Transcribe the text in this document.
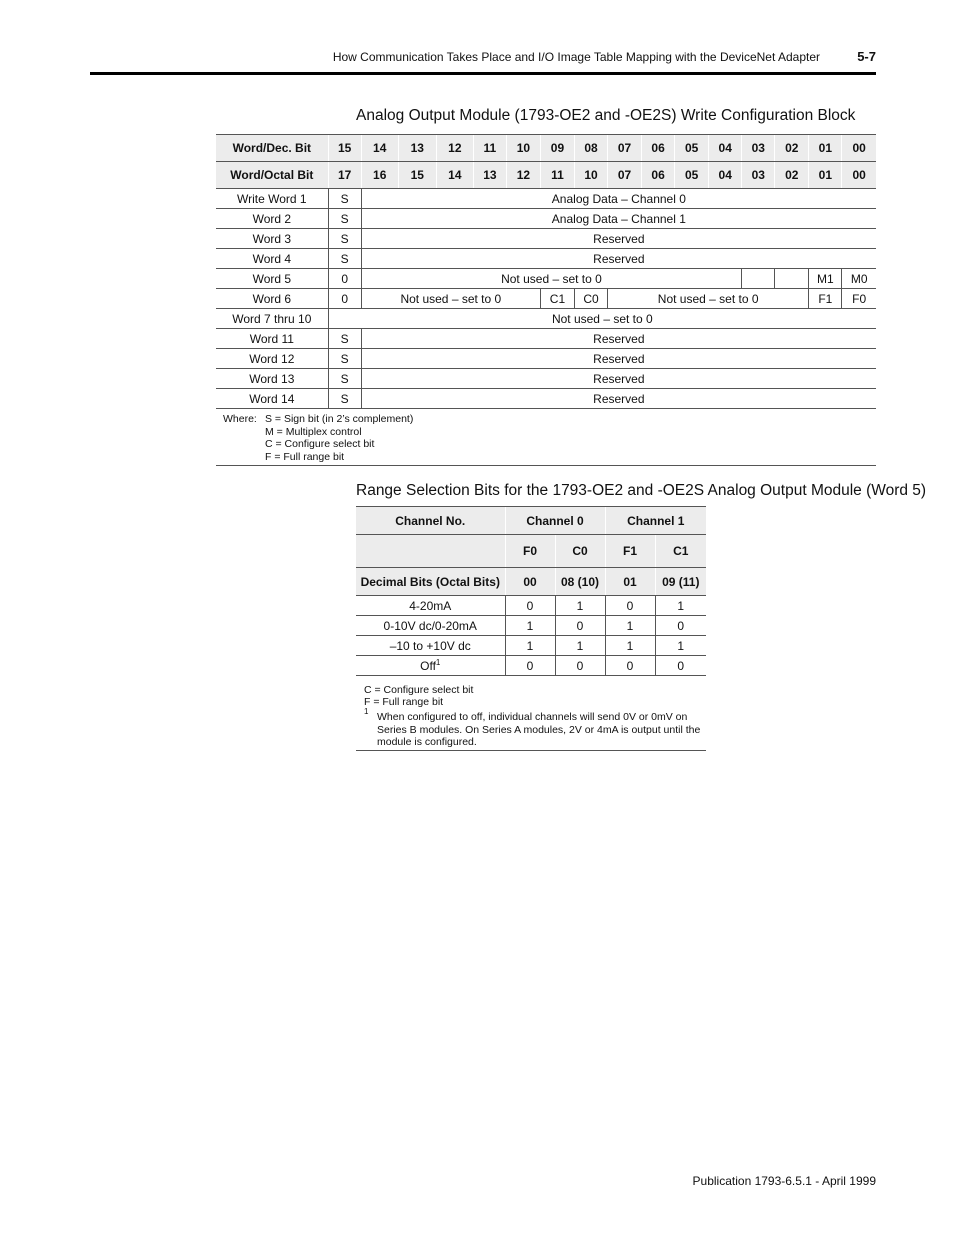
How Communication Takes Place and I/O Image Table Mapping with the DeviceNet Adapter	5-7
Analog Output Module (1793-OE2 and -OE2S) Write Configuration Block
Word/Dec. Bit	15	14	13	12	11	10	09	08	07	06	05	04	03	02	01	00
Word/Octal Bit	17	16	15	14	13	12	11	10	07	06	05	04	03	02	01	00
Write Word 1	S	Analog Data – Channel 0														
Word 2	S	Analog Data – Channel 1														
Word 3	S	Reserved														
Word 4	S	Reserved														
Word 5	0	Not used – set to 0													M1	M0
Word 6	0	Not used – set to 0					C1	C0	Not used – set to 0						F1	F0
Word 7 thru 10	Not used – set to 0															
Word 11	S	Reserved														
Word 12	S	Reserved														
Word 13	S	Reserved														
Word 14	S	Reserved														
Where: S = Sign bit (in 2’s complement)
M = Multiplex control
C = Configure select bit
F = Full range bit
Range Selection Bits for the 1793-OE2 and -OE2S Analog Output Module (Word 5)
Channel No.	Channel 0		Channel 1	
	F0	C0	F1	C1
Decimal Bits (Octal Bits)	00	08 (10)	01	09 (11)
4-20mA	0	1	0	1
0-10V dc/0-20mA	1	0	1	0
–10 to +10V dc	1	1	1	1
Off$^1$	0	0	0	0
C = Configure select bit
F = Full range bit
1 When configured to off, individual channels will send 0V or 0mV on Series B modules. On Series A modules, 2V or 4mA is output until the module is configured.
Publication 1793-6.5.1 - April 1999
